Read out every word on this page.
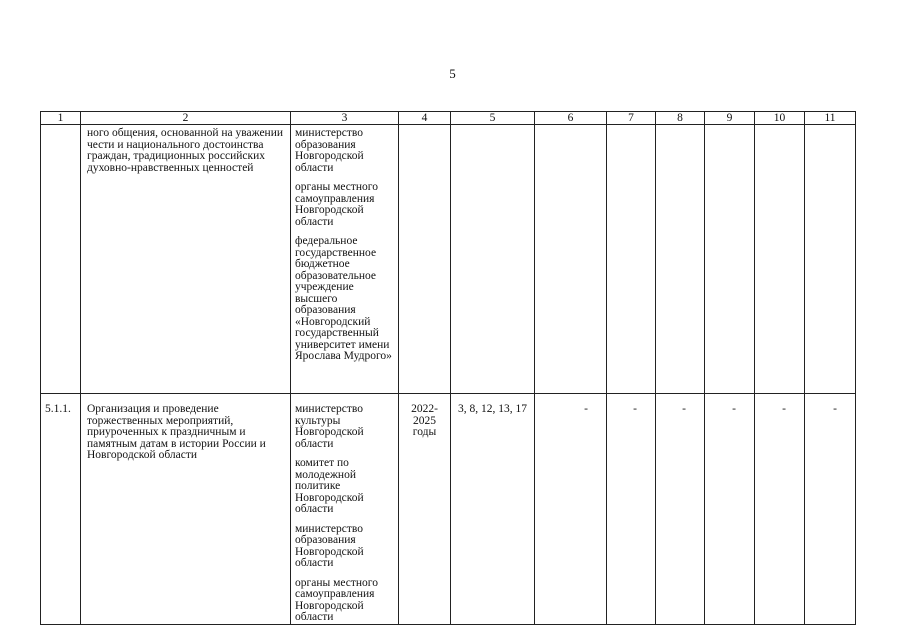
5
1	2	3	4	5	6	7	8	9	10	11

	ного общения, основанной на уважении чести и национального достоинства граждан, традиционных российских духовно-нравственных ценностей	министерство образования Новгородской области
органы местного самоуправления Новгородской области
федеральное государственное бюджетное образовательное учреждение высшего образования «Новгородский государственный университет имени Ярослава Мудрого»								

5.1.1.	Организация и проведение торжественных мероприятий, приуроченных к праздничным и памятным датам в истории России и Новгородской области	министерство культуры Новгородской области
комитет по молодежной политике Новгородской области
министерство образования Новгородской области
органы местного самоуправления Новгородской области	2022-2025 годы	3, 8, 12, 13, 17	-	-	-	-	-	-
